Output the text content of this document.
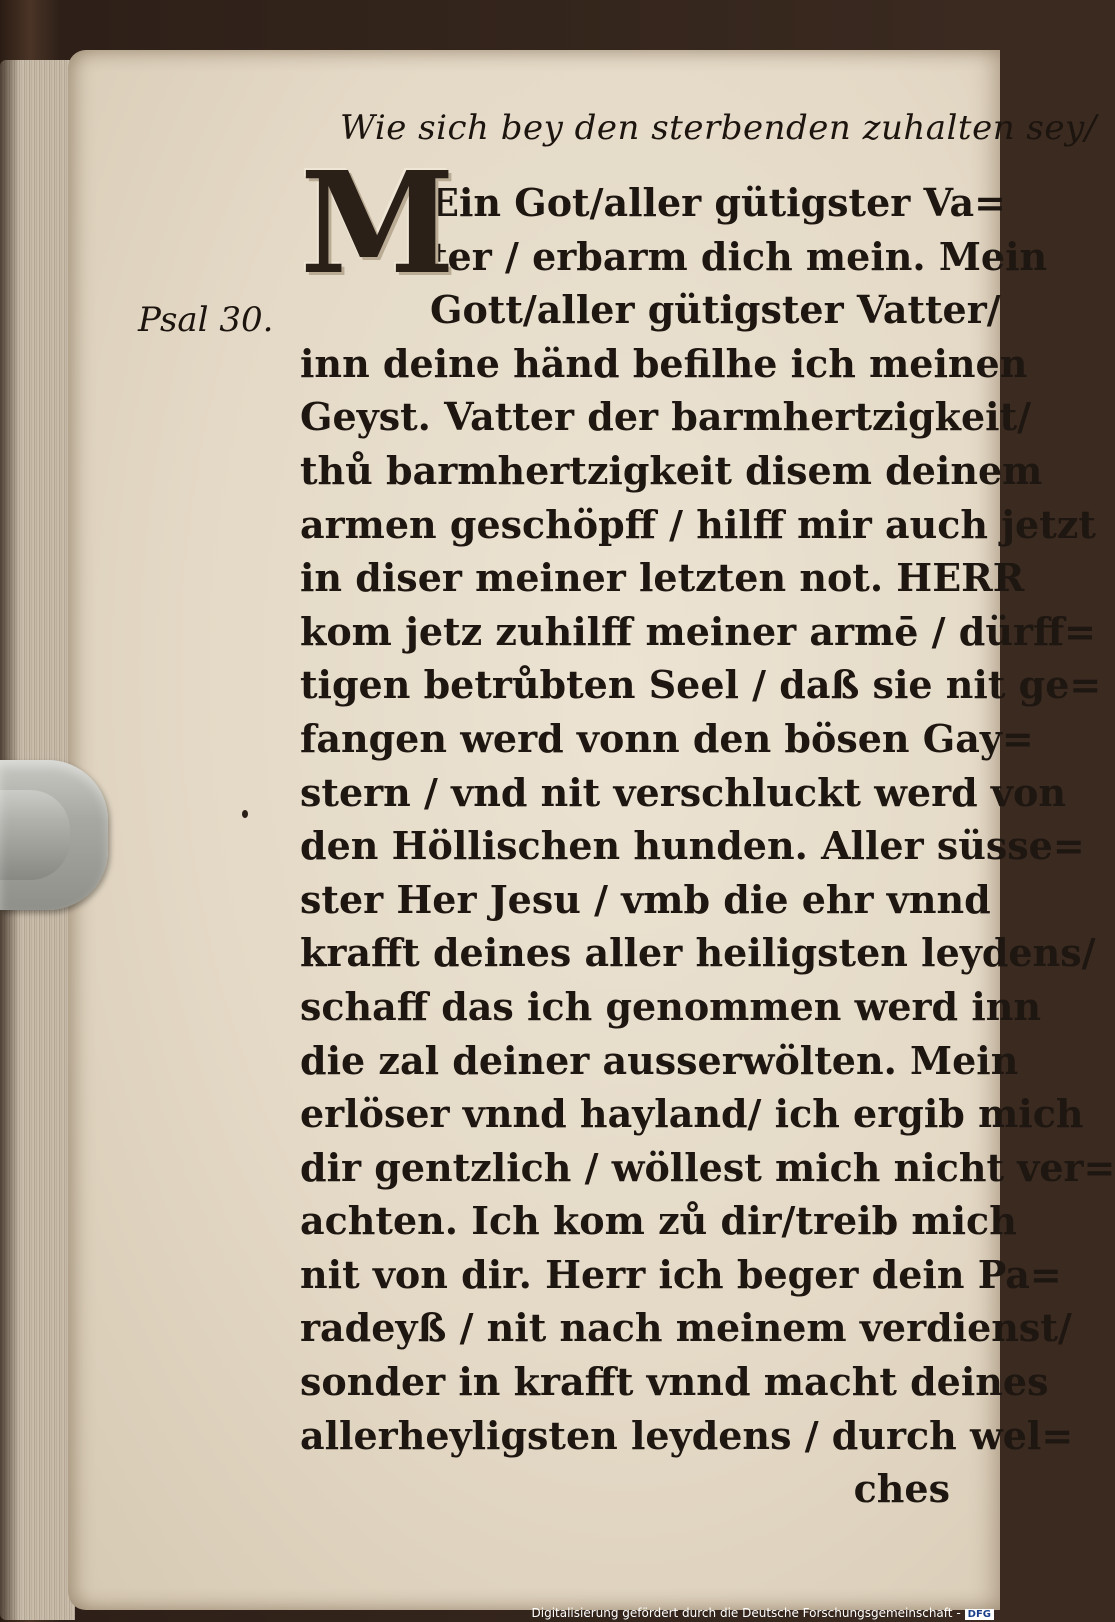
Wie sich bey den sterbenden zuhalten sey/
Psal 30.
Ein Got/aller gütigster Va=
ter / erbarm dich mein. Mein
Gott/aller gütigster Vatter/
inn deine händ befilhe ich meinen
Geyst. Vatter der barmhertzigkeit/
thů barmhertzigkeit disem deinem
armen geschöpff / hilff mir auch jetzt
in diser meiner letzten not. HERR
kom jetz zuhilff meiner armē / dürff=
tigen betrůbten Seel / daß sie nit ge=
fangen werd vonn den bösen Gay=
stern / vnd nit verschluckt werd von
den Höllischen hunden. Aller süsse=
ster Her Jesu / vmb die ehr vnnd
krafft deines aller heiligsten leydens/
schaff das ich genommen werd inn
die zal deiner ausserwölten. Mein
erlöser vnnd hayland/ ich ergib mich
dir gentzlich / wöllest mich nicht ver=
achten. Ich kom zů dir/treib mich
nit von dir. Herr ich beger dein Pa=
radeyß / nit nach meinem verdienst/
sonder in krafft vnnd macht deines
allerheyligsten leydens / durch wel=
ches
M
Digitalisierung gefördert durch die Deutsche Forschungsgemeinschaft - DFG
